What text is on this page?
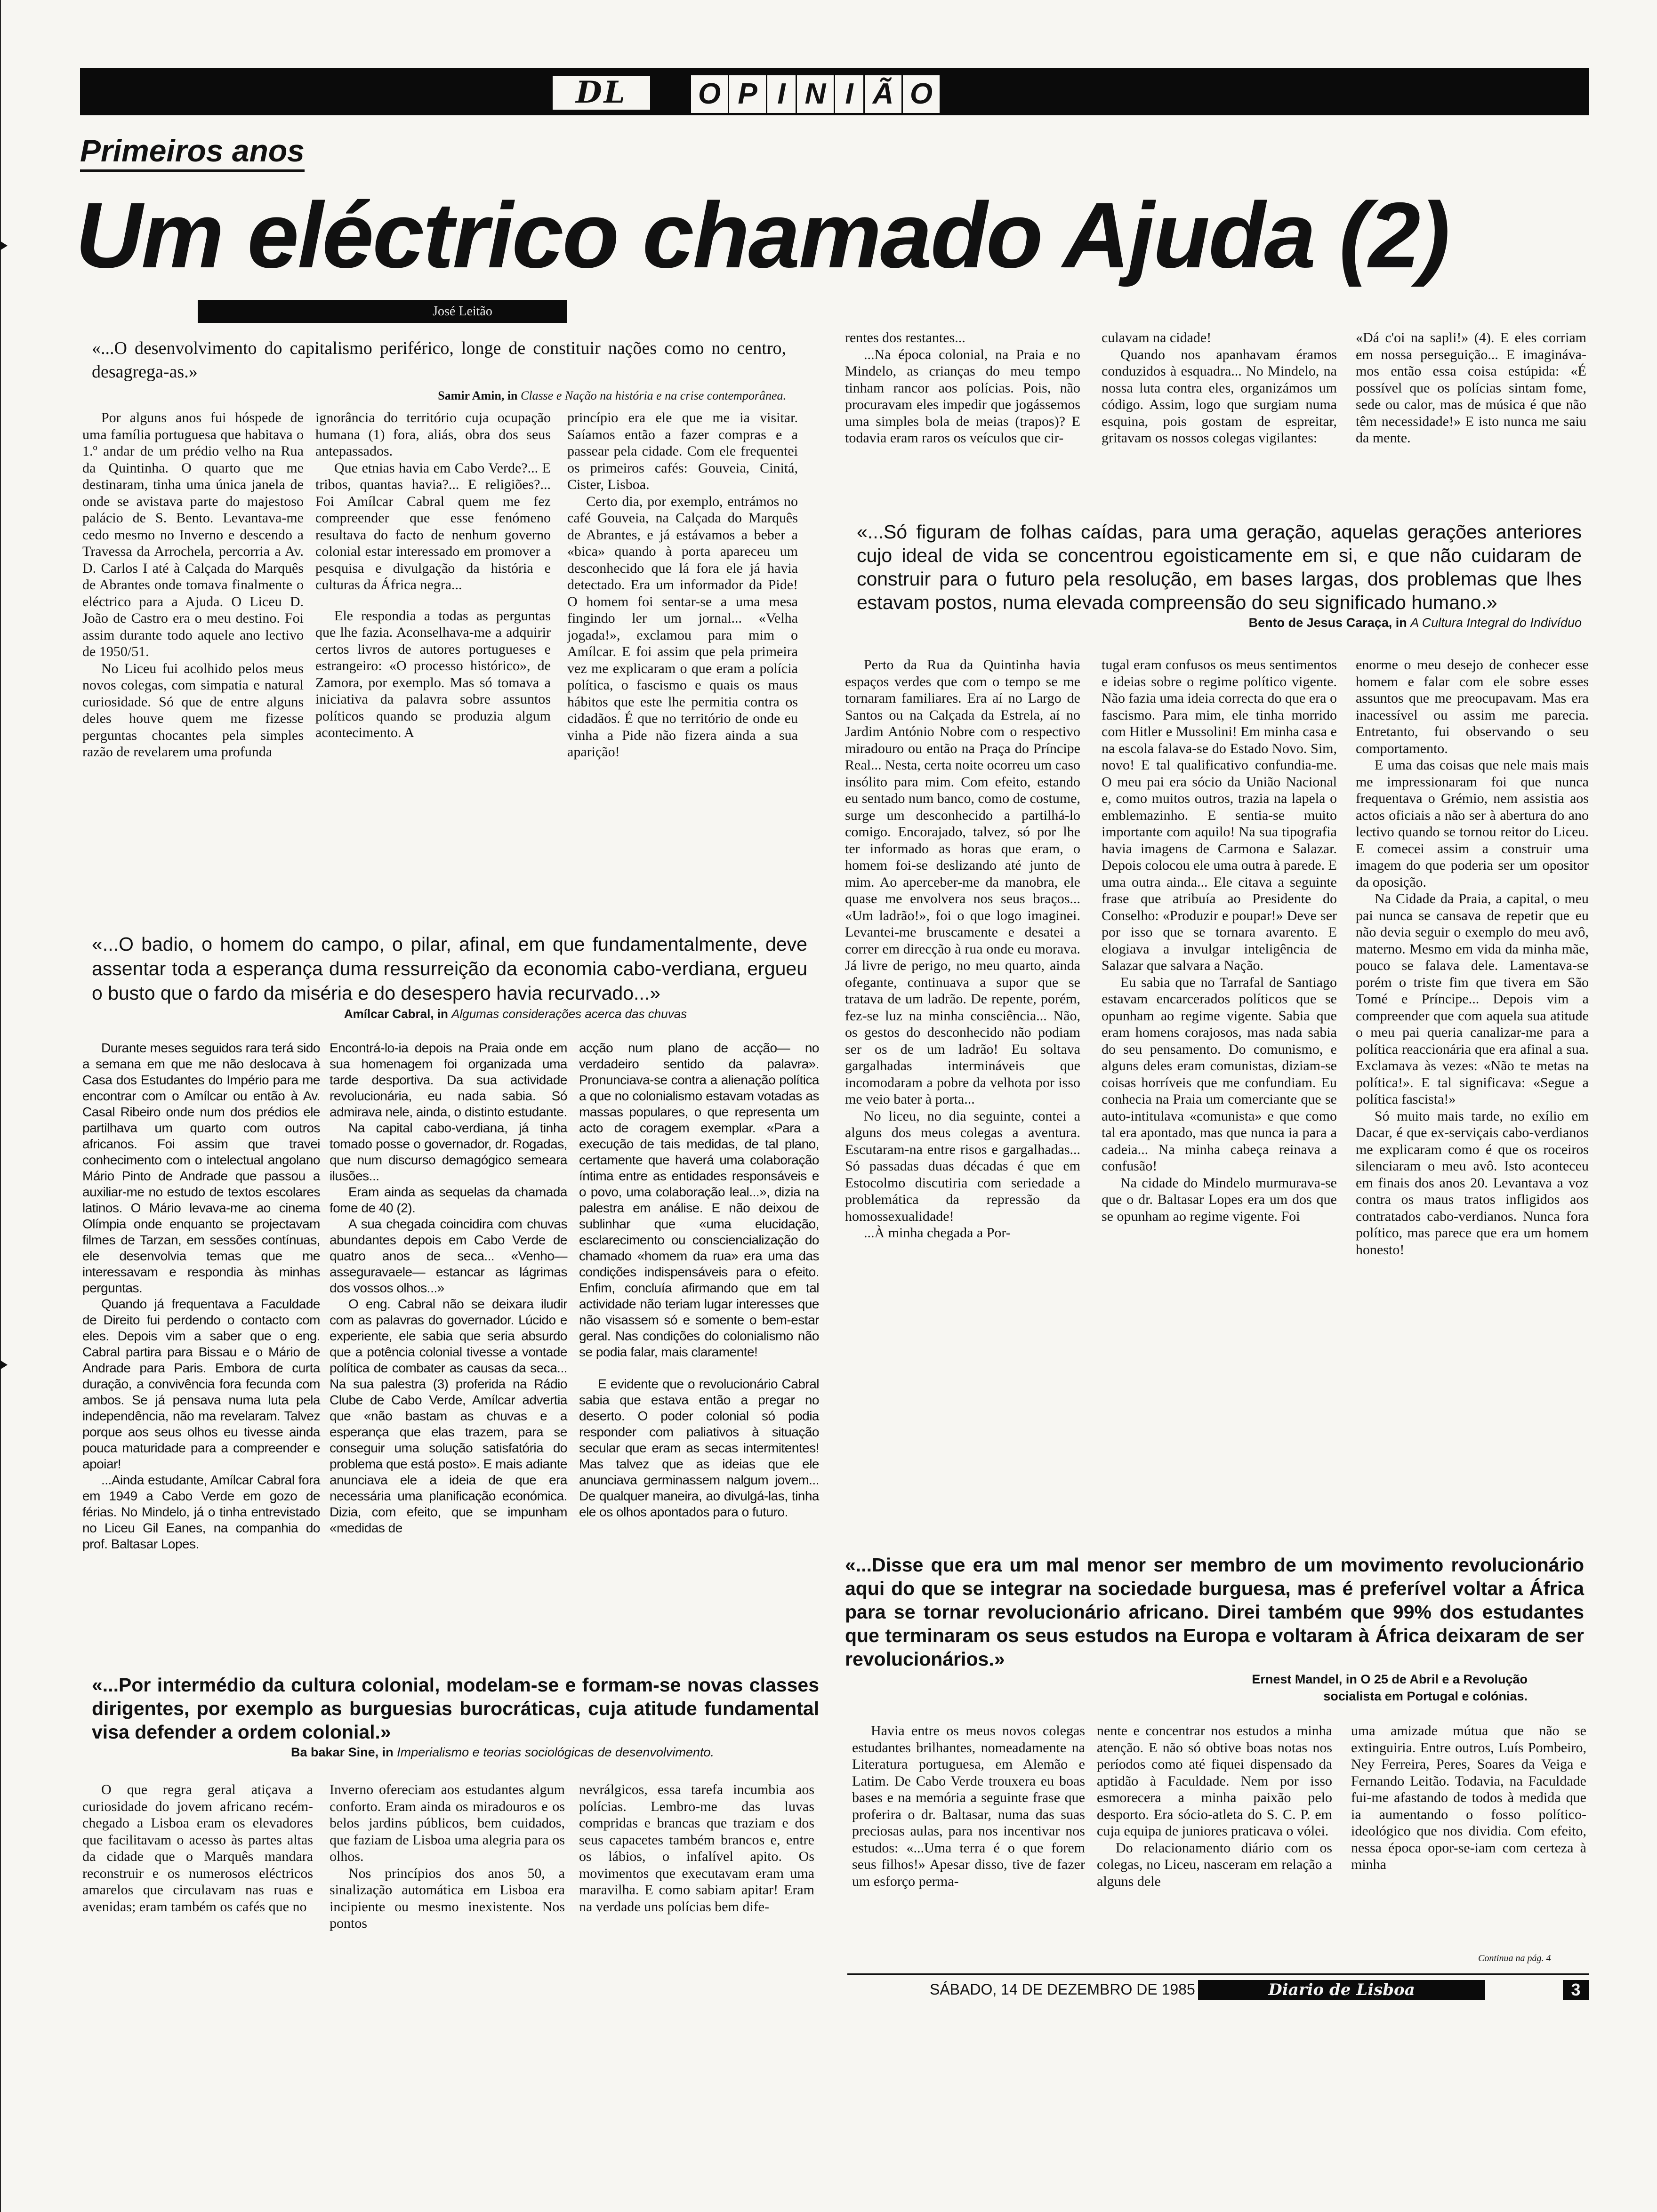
DL	O P I N I Ã O
Primeiros anos
Um eléctrico chamado Ajuda (2)
José Leitão
«...O desenvolvimento do capitalismo periférico, longe de constituir nações como no centro, desagrega-as.»
Samir Amin, in Classe e Nação na história e na crise contemporânea.

Por alguns anos fui hóspede de uma família portuguesa que habitava o 1.º andar de um prédio velho na Rua da Quintinha. O quarto que me destinaram, tinha uma única janela de onde se avistava parte do majestoso palácio de S. Bento. Levantava-me cedo mesmo no Inverno e descendo a Travessa da Arrochela, percorria a Av. D. Carlos I até à Calçada do Marquês de Abrantes onde tomava finalmente o eléctrico para a Ajuda. O Liceu D. João de Castro era o meu destino. Foi assim durante todo aquele ano lectivo de 1950/51.

No Liceu fui acolhido pelos meus novos colegas, com simpatia e natural curiosidade. Só que de entre alguns deles houve quem me fizesse perguntas chocantes pela simples razão de revelarem uma profunda

ignorância do território cuja ocupação humana (1) fora, aliás, obra dos seus antepassados.

Que etnias havia em Cabo Verde?... E tribos, quantas havia?... E religiões?... Foi Amílcar Cabral quem me fez compreender que esse fenómeno resultava do facto de nenhum governo colonial estar interessado em promover a pesquisa e divulgação da história e culturas da África negra...

Ele respondia a todas as perguntas que lhe fazia. Aconselhava-me a adquirir certos livros de autores portugueses e estrangeiro: «O processo histórico», de Zamora, por exemplo. Mas só tomava a iniciativa da palavra sobre assuntos políticos quando se produzia algum acontecimento. A

princípio era ele que me ia visitar. Saíamos então a fazer compras e a passear pela cidade. Com ele frequentei os primeiros cafés: Gouveia, Cinitá, Cister, Lisboa.

Certo dia, por exemplo, entrámos no café Gouveia, na Calçada do Marquês de Abrantes, e já estávamos a beber a «bica» quando à porta apareceu um desconhecido que lá fora ele já havia detectado. Era um informador da Pide! O homem foi sentar-se a uma mesa fingindo ler um jornal... «Velha jogada!», exclamou para mim o Amílcar. E foi assim que pela primeira vez me explicaram o que eram a polícia política, o fascismo e quais os maus hábitos que este lhe permitia contra os cidadãos. É que no território de onde eu vinha a Pide não fizera ainda a sua aparição!

rentes dos restantes...

...Na época colonial, na Praia e no Mindelo, as crianças do meu tempo tinham rancor aos polícias. Pois, não procuravam eles impedir que jogássemos uma simples bola de meias (trapos)? E todavia eram raros os veículos que cir-

culavam na cidade!

Quando nos apanhavam éramos conduzidos à esquadra... No Mindelo, na nossa luta contra eles, organizámos um código. Assim, logo que surgiam numa esquina, pois gostam de espreitar, gritavam os nossos colegas vigilantes:

«Dá c'oi na sapli!» (4). E eles corriam em nossa perseguição... E imaginávamos então essa coisa estúpida: «É possível que os polícias sintam fome, sede ou calor, mas de música é que não têm necessidade!» E isto nunca me saiu da mente.

«...Só figuram de folhas caídas, para uma geração, aquelas gerações anteriores cujo ideal de vida se concentrou egoisticamente em si, e que não cuidaram de construir para o futuro pela resolução, em bases largas, dos problemas que lhes estavam postos, numa elevada compreensão do seu significado humano.»
Bento de Jesus Caraça, in A Cultura Integral do Indivíduo
«...O badio, o homem do campo, o pilar, afinal, em que fundamentalmente, deve assentar toda a esperança duma ressurreição da economia cabo-verdiana, ergueu o busto que o fardo da miséria e do desespero havia recurvado...»
Amílcar Cabral, in Algumas considerações acerca das chuvas

Durante meses seguidos rara terá sido a semana em que me não deslocava à Casa dos Estudantes do Império para me encontrar com o Amílcar ou então à Av. Casal Ribeiro onde num dos prédios ele partilhava um quarto com outros africanos. Foi assim que travei conhecimento com o intelectual angolano Mário Pinto de Andrade que passou a auxiliar-me no estudo de textos escolares latinos. O Mário levava-me ao cinema Olímpia onde enquanto se projectavam filmes de Tarzan, em sessões contínuas, ele desenvolvia temas que me interessavam e respondia às minhas perguntas.

Quando já frequentava a Faculdade de Direito fui perdendo o contacto com eles. Depois vim a saber que o eng. Cabral partira para Bissau e o Mário de Andrade para Paris. Embora de curta duração, a convivência fora fecunda com ambos. Se já pensava numa luta pela independência, não ma revelaram. Talvez porque aos seus olhos eu tivesse ainda pouca maturidade para a compreender e apoiar!

...Ainda estudante, Amílcar Cabral fora em 1949 a Cabo Verde em gozo de férias. No Mindelo, já o tinha entrevistado no Liceu Gil Eanes, na companhia do prof. Baltasar Lopes.

Encontrá-lo-ia depois na Praia onde em sua homenagem foi organizada uma tarde desportiva. Da sua actividade revolucionária, eu nada sabia. Só admirava nele, ainda, o distinto estudante.

Na capital cabo-verdiana, já tinha tomado posse o governador, dr. Rogadas, que num discurso demagógico semeara ilusões...

Eram ainda as sequelas da chamada fome de 40 (2).

A sua chegada coincidira com chuvas abundantes depois em Cabo Verde de quatro anos de seca... «Venho— asseguravaele— estancar as lágrimas dos vossos olhos...»

O eng. Cabral não se deixara iludir com as palavras do governador. Lúcido e experiente, ele sabia que seria absurdo que a potência colonial tivesse a vontade política de combater as causas da seca... Na sua palestra (3) proferida na Rádio Clube de Cabo Verde, Amílcar advertia que «não bastam as chuvas e a esperança que elas trazem, para se conseguir uma solução satisfatória do problema que está posto». E mais adiante anunciava ele a ideia de que era necessária uma planificação económica. Dizia, com efeito, que se impunham «medidas de

acção num plano de acção— no verdadeiro sentido da palavra». Pronunciava-se contra a alienação política a que no colonialismo estavam votadas as massas populares, o que representa um acto de coragem exemplar. «Para a execução de tais medidas, de tal plano, certamente que haverá uma colaboração íntima entre as entidades responsáveis e o povo, uma colaboração leal...», dizia na palestra em análise. E não deixou de sublinhar que «uma elucidação, esclarecimento ou consciencialização do chamado «homem da rua» era uma das condições indispensáveis para o efeito. Enfim, concluía afirmando que em tal actividade não teriam lugar interesses que não visassem só e somente o bem-estar geral. Nas condições do colonialismo não se podia falar, mais claramente!

E evidente que o revolucionário Cabral sabia que estava então a pregar no deserto. O poder colonial só podia responder com paliativos à situação secular que eram as secas intermitentes! Mas talvez que as ideias que ele anunciava germinassem nalgum jovem... De qualquer maneira, ao divulgá-las, tinha ele os olhos apontados para o futuro.

Perto da Rua da Quintinha havia espaços verdes que com o tempo se me tornaram familiares. Era aí no Largo de Santos ou na Calçada da Estrela, aí no Jardim António Nobre com o respectivo miradouro ou então na Praça do Príncipe Real... Nesta, certa noite ocorreu um caso insólito para mim. Com efeito, estando eu sentado num banco, como de costume, surge um desconhecido a partilhá-lo comigo. Encorajado, talvez, só por lhe ter informado as horas que eram, o homem foi-se deslizando até junto de mim. Ao aperceber-me da manobra, ele quase me envolvera nos seus braços... «Um ladrão!», foi o que logo imaginei. Levantei-me bruscamente e desatei a correr em direcção à rua onde eu morava. Já livre de perigo, no meu quarto, ainda ofegante, continuava a supor que se tratava de um ladrão. De repente, porém, fez-se luz na minha consciência... Não, os gestos do desconhecido não podiam ser os de um ladrão! Eu soltava gargalhadas intermináveis que incomodaram a pobre da velhota por isso me veio bater à porta...

No liceu, no dia seguinte, contei a alguns dos meus colegas a aventura. Escutaram-na entre risos e gargalhadas... Só passadas duas décadas é que em Estocolmo discutiria com seriedade a problemática da repressão da homossexualidade!

...À minha chegada a Por-

tugal eram confusos os meus sentimentos e ideias sobre o regime político vigente. Não fazia uma ideia correcta do que era o fascismo. Para mim, ele tinha morrido com Hitler e Mussolini! Em minha casa e na escola falava-se do Estado Novo. Sim, novo! E tal qualificativo confundia-me. O meu pai era sócio da União Nacional e, como muitos outros, trazia na lapela o emblemazinho. E sentia-se muito importante com aquilo! Na sua tipografia havia imagens de Carmona e Salazar. Depois colocou ele uma outra à parede. E uma outra ainda... Ele citava a seguinte frase que atribuía ao Presidente do Conselho: «Produzir e poupar!» Deve ser por isso que se tornara avarento. E elogiava a invulgar inteligência de Salazar que salvara a Nação.

Eu sabia que no Tarrafal de Santiago estavam encarcerados políticos que se opunham ao regime vigente. Sabia que eram homens corajosos, mas nada sabia do seu pensamento. Do comunismo, e alguns deles eram comunistas, diziam-se coisas horríveis que me confundiam. Eu conhecia na Praia um comerciante que se auto-intitulava «comunista» e que como tal era apontado, mas que nunca ia para a cadeia... Na minha cabeça reinava a confusão!

Na cidade do Mindelo murmurava-se que o dr. Baltasar Lopes era um dos que se opunham ao regime vigente. Foi

enorme o meu desejo de conhecer esse homem e falar com ele sobre esses assuntos que me preocupavam. Mas era inacessível ou assim me parecia. Entretanto, fui observando o seu comportamento.

E uma das coisas que nele mais mais me impressionaram foi que nunca frequentava o Grémio, nem assistia aos actos oficiais a não ser à abertura do ano lectivo quando se tornou reitor do Liceu. E comecei assim a construir uma imagem do que poderia ser um opositor da oposição.

Na Cidade da Praia, a capital, o meu pai nunca se cansava de repetir que eu não devia seguir o exemplo do meu avô, materno. Mesmo em vida da minha mãe, pouco se falava dele. Lamentava-se porém o triste fim que tivera em São Tomé e Príncipe... Depois vim a compreender que com aquela sua atitude o meu pai queria canalizar-me para a política reaccionária que era afinal a sua. Exclamava às vezes: «Não te metas na política!». E tal significava: «Segue a política fascista!»

Só muito mais tarde, no exílio em Dacar, é que ex-serviçais cabo-verdianos me explicaram como é que os roceiros silenciaram o meu avô. Isto aconteceu em finais dos anos 20. Levantava a voz contra os maus tratos infligidos aos contratados cabo-verdianos. Nunca fora político, mas parece que era um homem honesto!

«...Disse que era um mal menor ser membro de um movimento revolucionário aqui do que se integrar na sociedade burguesa, mas é preferível voltar a África para se tornar revolucionário africano. Direi também que 99% dos estudantes que terminaram os seus estudos na Europa e voltaram à África deixaram de ser revolucionários.»
Ernest Mandel, in O 25 de Abril e a Revolução
socialista em Portugal e colónias.
«...Por intermédio da cultura colonial, modelam-se e formam-se novas classes dirigentes, por exemplo as burguesias burocráticas, cuja atitude fundamental visa defender a ordem colonial.»
Ba bakar Sine, in Imperialismo e teorias sociológicas de desenvolvimento.

O que regra geral atiçava a curiosidade do jovem africano recém-chegado a Lisboa eram os elevadores que facilitavam o acesso às partes altas da cidade que o Marquês mandara reconstruir e os numerosos eléctricos amarelos que circulavam nas ruas e avenidas; eram também os cafés que no

Inverno ofereciam aos estudantes algum conforto. Eram ainda os miradouros e os belos jardins públicos, bem cuidados, que faziam de Lisboa uma alegria para os olhos.

Nos princípios dos anos 50, a sinalização automática em Lisboa era incipiente ou mesmo inexistente. Nos pontos

nevrálgicos, essa tarefa incumbia aos polícias. Lembro-me das luvas compridas e brancas que traziam e dos seus capacetes também brancos e, entre os lábios, o infalível apito. Os movimentos que executavam eram uma maravilha. E como sabiam apitar! Eram na verdade uns polícias bem dife-

Havia entre os meus novos colegas estudantes brilhantes, nomeadamente na Literatura portuguesa, em Alemão e Latim. De Cabo Verde trouxera eu boas bases e na memória a seguinte frase que proferira o dr. Baltasar, numa das suas preciosas aulas, para nos incentivar nos estudos: «...Uma terra é o que forem seus filhos!» Apesar disso, tive de fazer um esforço perma-

nente e concentrar nos estudos a minha atenção. E não só obtive boas notas nos períodos como até fiquei dispensado da aptidão à Faculdade. Nem por isso esmorecera a minha paixão pelo desporto. Era sócio-atleta do S. C. P. em cuja equipa de juniores praticava o vólei.

Do relacionamento diário com os colegas, no Liceu, nasceram em relação a alguns dele

uma amizade mútua que não se extinguiria. Entre outros, Luís Pombeiro, Ney Ferreira, Peres, Soares da Veiga e Fernando Leitão. Todavia, na Faculdade fui-me afastando de todos à medida que ia aumentando o fosso político-ideológico que nos dividia. Com efeito, nessa época opor-se-iam com certeza à minha

Continua na pág. 4
SÁBADO, 14 DE DEZEMBRO DE 1985	Diario de Lisboa	3
